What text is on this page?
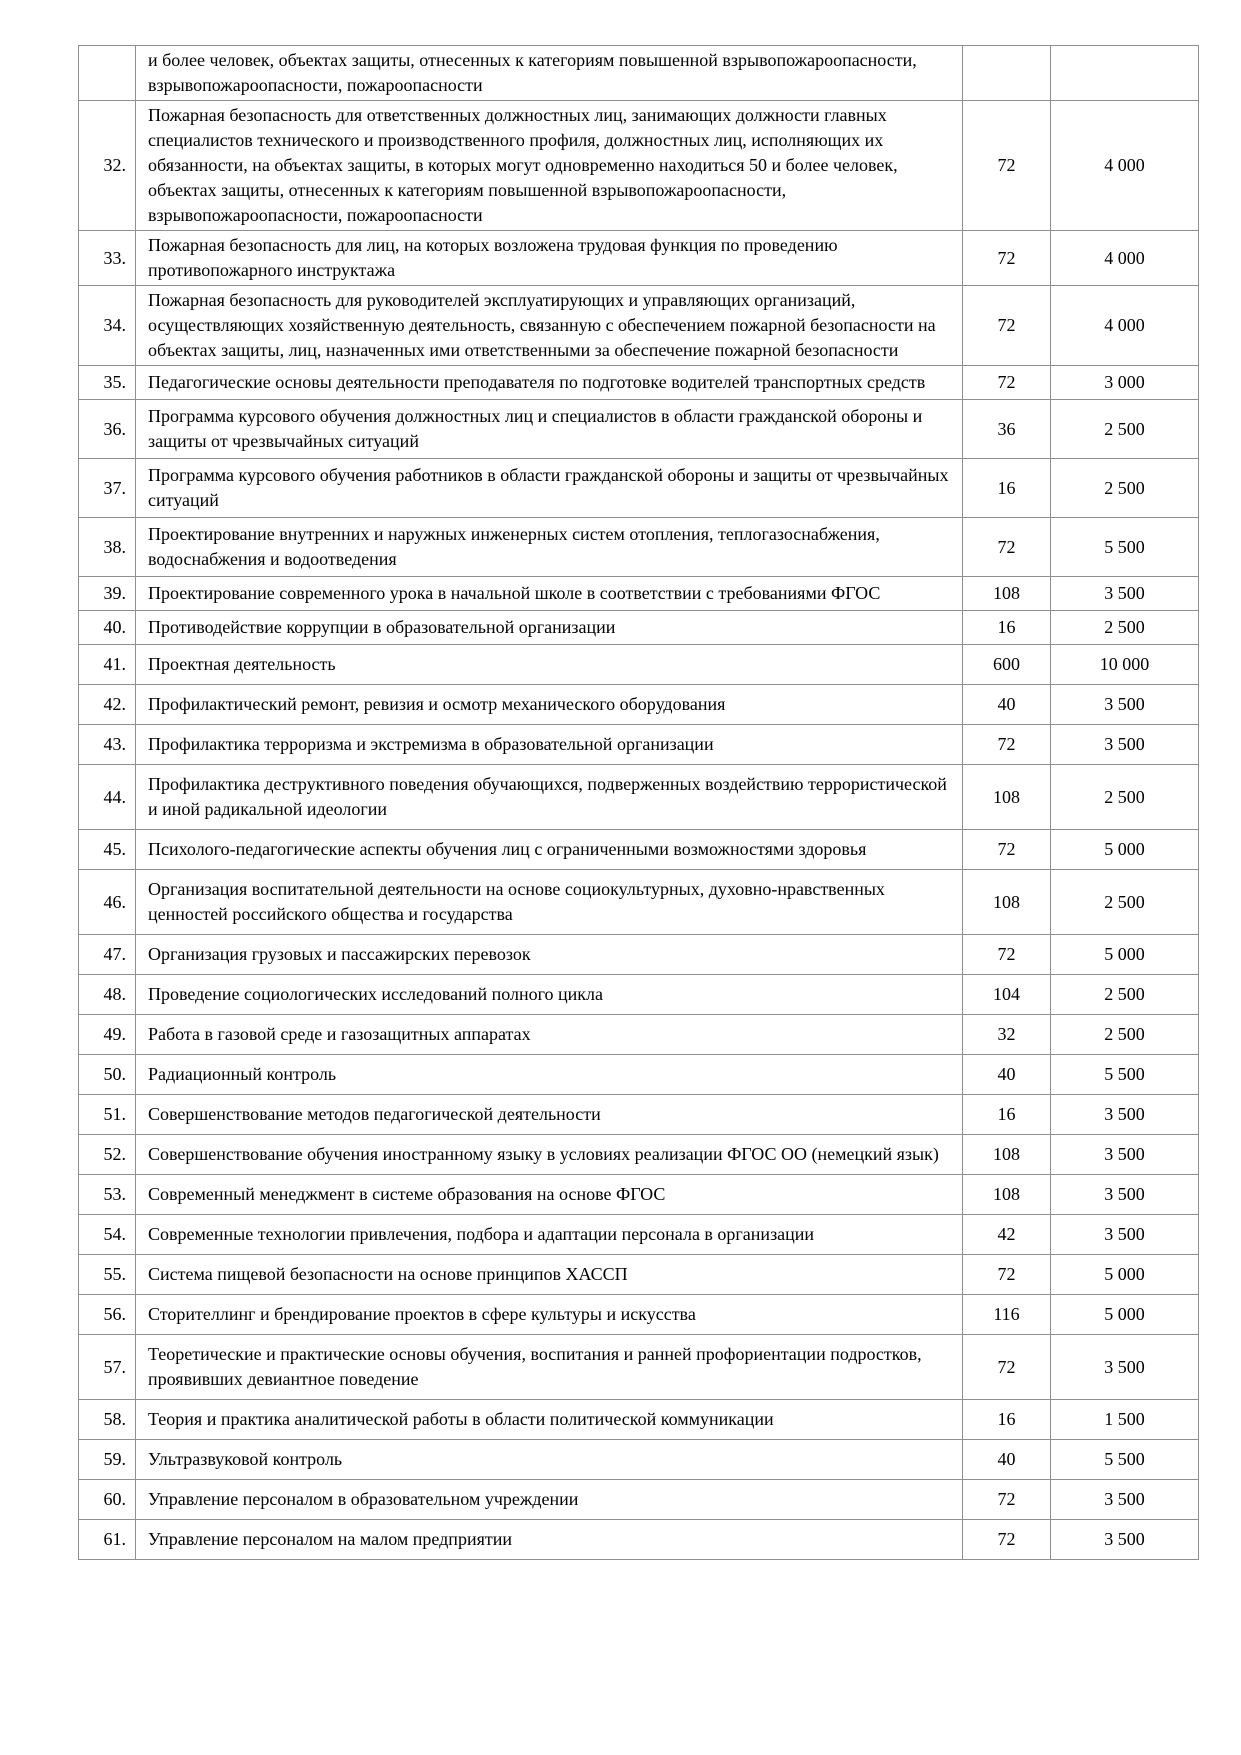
	и более человек, объектах защиты, отнесенных к категориям повышенной взрывопожароопасности, взрывопожароопасности, пожароопасности		
32.	Пожарная безопасность для ответственных должностных лиц, занимающих должности главных специалистов технического и производственного профиля, должностных лиц, исполняющих их обязанности, на объектах защиты, в которых могут одновременно находиться 50 и более человек, объектах защиты, отнесенных к категориям повышенной взрывопожароопасности, взрывопожароопасности, пожароопасности	72	4 000
33.	Пожарная безопасность для лиц, на которых возложена трудовая функция по проведению противопожарного инструктажа	72	4 000
34.	Пожарная безопасность для руководителей эксплуатирующих и управляющих организаций, осуществляющих хозяйственную деятельность, связанную с обеспечением пожарной безопасности на объектах защиты, лиц, назначенных ими ответственными за обеспечение пожарной безопасности	72	4 000
35.	Педагогические основы деятельности преподавателя по подготовке водителей транспортных средств	72	3 000
36.	Программа курсового обучения должностных лиц и специалистов в области гражданской обороны и защиты от чрезвычайных ситуаций	36	2 500
37.	Программа курсового обучения работников в области гражданской обороны и защиты от чрезвычайных ситуаций	16	2 500
38.	Проектирование внутренних и наружных инженерных систем отопления, теплогазоснабжения, водоснабжения и водоотведения	72	5 500
39.	Проектирование современного урока в начальной школе в соответствии с требованиями ФГОС	108	3 500
40.	Противодействие коррупции в образовательной организации	16	2 500
41.	Проектная деятельность	600	10 000
42.	Профилактический ремонт, ревизия и осмотр механического оборудования	40	3 500
43.	Профилактика терроризма и экстремизма в образовательной организации	72	3 500
44.	Профилактика деструктивного поведения обучающихся, подверженных воздействию террористической и иной радикальной идеологии	108	2 500
45.	Психолого-педагогические аспекты обучения лиц с ограниченными возможностями здоровья	72	5 000
46.	Организация воспитательной деятельности на основе социокультурных, духовно-нравственных ценностей российского общества и государства	108	2 500
47.	Организация грузовых и пассажирских перевозок	72	5 000
48.	Проведение социологических исследований полного цикла	104	2 500
49.	Работа в газовой среде и газозащитных аппаратах	32	2 500
50.	Радиационный контроль	40	5 500
51.	Совершенствование методов педагогической деятельности	16	3 500
52.	Совершенствование обучения иностранному языку в условиях реализации ФГОС ОО (немецкий язык)	108	3 500
53.	Современный менеджмент в системе образования на основе ФГОС	108	3 500
54.	Современные технологии привлечения, подбора и адаптации персонала в организации	42	3 500
55.	Система пищевой безопасности на основе принципов ХАССП	72	5 000
56.	Сторителлинг и брендирование проектов в сфере культуры и искусства	116	5 000
57.	Теоретические и практические основы обучения, воспитания и ранней профориентации подростков, проявивших девиантное поведение	72	3 500
58.	Теория и практика аналитической работы в области политической коммуникации	16	1 500
59.	Ультразвуковой контроль	40	5 500
60.	Управление персоналом в образовательном учреждении	72	3 500
61.	Управление персоналом на малом предприятии	72	3 500
